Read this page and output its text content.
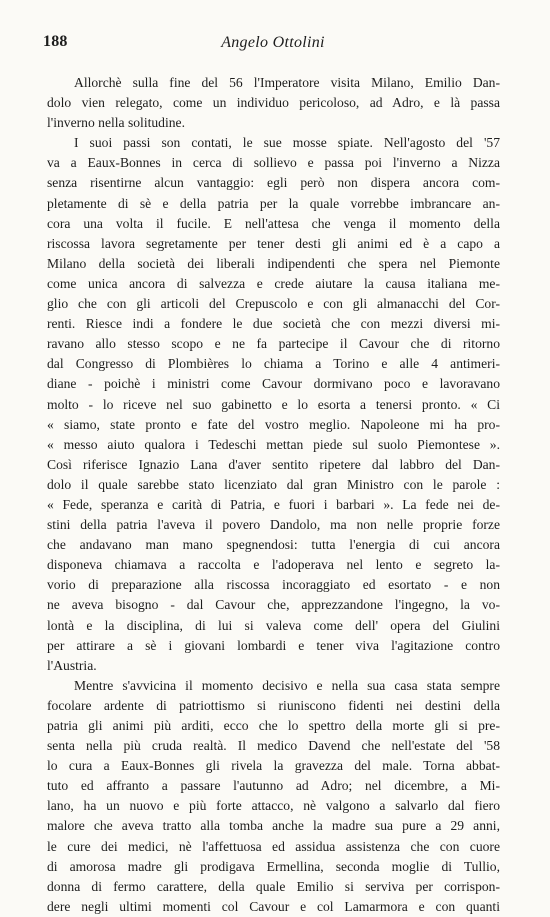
188	Angelo Ottolini

Allorchè sulla fine del 56 l'Imperatore visita Milano, Emilio Dan-
dolo vien relegato, come un individuo pericoloso, ad Adro, e là passa
l'inverno nella solitudine.

I suoi passi son contati, le sue mosse spiate. Nell'agosto del '57
va a Eaux-Bonnes in cerca di sollievo e passa poi l'inverno a Nizza
senza risentirne alcun vantaggio: egli però non dispera ancora com-
pletamente di sè e della patria per la quale vorrebbe imbrancare an-
cora una volta il fucile. E nell'attesa che venga il momento della
riscossa lavora segretamente per tener desti gli animi ed è a capo a
Milano della società dei liberali indipendenti che spera nel Piemonte
come unica ancora di salvezza e crede aiutare la causa italiana me-
glio che con gli articoli del Crepuscolo e con gli almanacchi del Cor-
renti. Riesce indi a fondere le due società che con mezzi diversi mi-
ravano allo stesso scopo e ne fa partecipe il Cavour che di ritorno
dal Congresso di Plombières lo chiama a Torino e alle 4 antimeri-
diane - poichè i ministri come Cavour dormivano poco e lavoravano
molto - lo riceve nel suo gabinetto e lo esorta a tenersi pronto. « Ci
« siamo, state pronto e fate del vostro meglio. Napoleone mi ha pro-
« messo aiuto qualora i Tedeschi mettan piede sul suolo Piemontese ».
Così riferisce Ignazio Lana d'aver sentito ripetere dal labbro del Dan-
dolo il quale sarebbe stato licenziato dal gran Ministro con le parole :
« Fede, speranza e carità di Patria, e fuori i barbari ». La fede nei de-
stini della patria l'aveva il povero Dandolo, ma non nelle proprie forze
che andavano man mano spegnendosi: tutta l'energia di cui ancora
disponeva chiamava a raccolta e l'adoperava nel lento e segreto la-
vorio di preparazione alla riscossa incoraggiato ed esortato - e non
ne aveva bisogno - dal Cavour che, apprezzandone l'ingegno, la vo-
lontà e la disciplina, di lui si valeva come dell' opera del Giulini
per attirare a sè i giovani lombardi e tener viva l'agitazione contro
l'Austria.

Mentre s'avvicina il momento decisivo e nella sua casa stata sempre
focolare ardente di patriottismo si riuniscono fidenti nei destini della
patria gli animi più arditi, ecco che lo spettro della morte gli si pre-
senta nella più cruda realtà. Il medico Davend che nell'estate del '58
lo cura a Eaux-Bonnes gli rivela la gravezza del male. Torna abbat-
tuto ed affranto a passare l'autunno ad Adro; nel dicembre, a Mi-
lano, ha un nuovo e più forte attacco, nè valgono a salvarlo dal fiero
malore che aveva tratto alla tomba anche la madre sua pure a 29 anni,
le cure dei medici, nè l'affettuosa ed assidua assistenza che con cuore
di amorosa madre gli prodigava Ermellina, seconda moglie di Tullio,
donna di fermo carattere, della quale Emilio si serviva per corrispon-
dere negli ultimi momenti col Cavour e col Lamarmora e con quanti
